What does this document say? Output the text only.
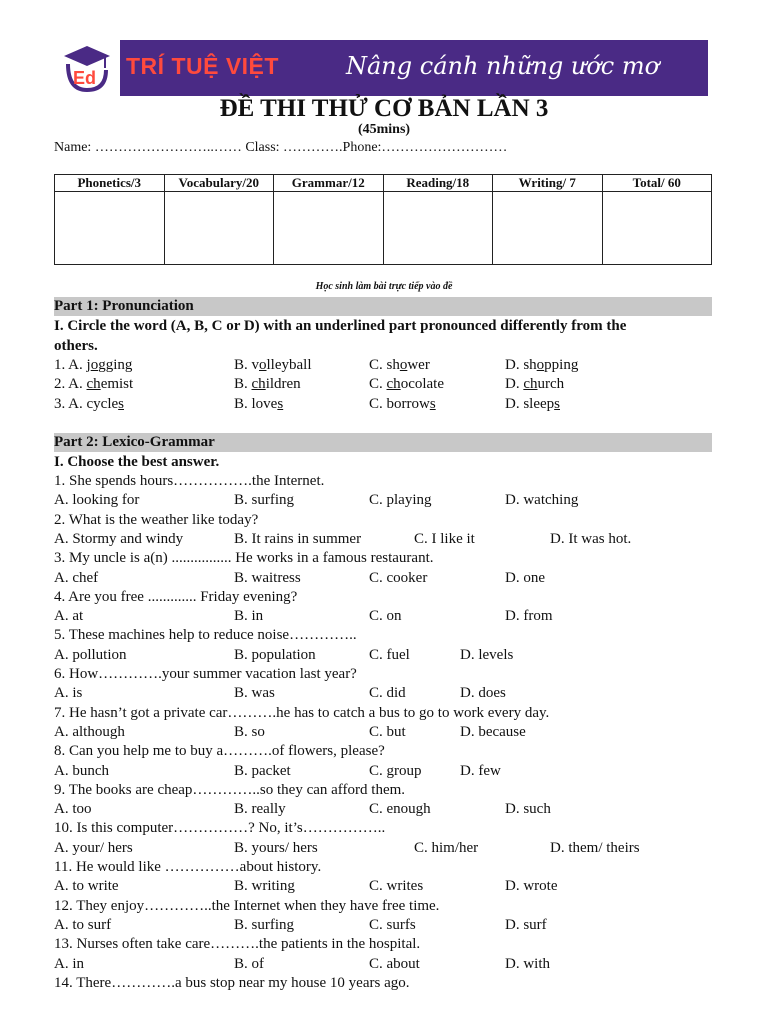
Ed TRÍ TUỆ VIỆT	Nâng cánh những ước mơ
ĐỀ THI THỬ CƠ BẢN LẦN 3
(45mins)
Name: ……………………..…… Class: ………….Phone:………………………
Phonetics/3	Vocabulary/20	Grammar/12	Reading/18	Writing/ 7	Total/ 60

Học sinh làm bài trực tiếp vào đề
Part 1: Pronunciation
I. Circle the word (A, B, C or D) with an underlined part pronounced differently from the
others.
1. A. jogging	B. volleyball	C. shower	D. shopping
2. A. chemist	B. children	C. chocolate	D. church
3. A. cycles	B. loves	C. borrows	D. sleeps
Part 2: Lexico-Grammar
I. Choose the best answer.
1. She spends hours…………….the Internet.
A. looking for	B. surfing	C. playing	D. watching
2. What is the weather like today?
A. Stormy and windy	B. It rains in summer	C. I like it	D. It was hot.
3. My uncle is a(n) ................ He works in a famous restaurant.
A. chef	B. waitress	C. cooker	D. one
4. Are you free ............. Friday evening?
A. at	B. in	C. on	D. from
5. These machines help to reduce noise…………..
A. pollution	B. population	C. fuel	D. levels
6. How………….your summer vacation last year?
A. is	B. was	C. did	D. does
7. He hasn’t got a private car……….he has to catch a bus to go to work every day.
A. although	B. so	C. but	D. because
8. Can you help me to buy a……….of flowers, please?
A. bunch	B. packet	C. group	D. few
9. The books are cheap…………..so they can afford them.
A. too	B. really	C. enough	D. such
10. Is this computer……………? No, it’s……………..
A. your/ hers	B. yours/ hers	C. him/her	D. them/ theirs
11. He would like ……………about history.
A. to write	B. writing	C. writes	D. wrote
12. They enjoy…………..the Internet when they have free time.
A. to surf	B. surfing	C. surfs	D. surf
13. Nurses often take care……….the patients in the hospital.
A. in	B. of	C. about	D. with
14. There………….a bus stop near my house 10 years ago.
